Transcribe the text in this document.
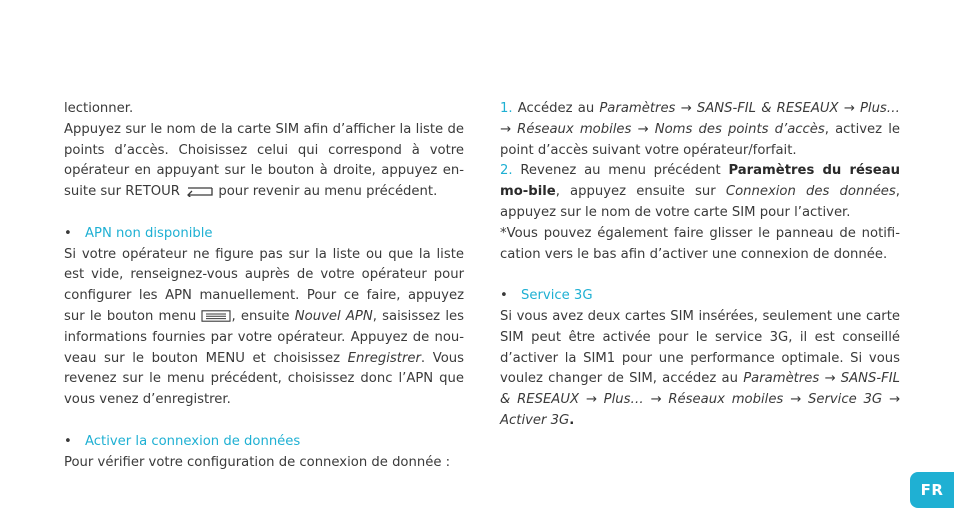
lectionner.

Appuyez sur le nom de la carte SIM afin d’afficher la liste de points d’accès. Choisissez celui qui correspond à votre opérateur en appuyant sur le bouton à droite, appuyez en-suite sur RETOUR	pour revenir au menu précédent.

• APN non disponible

Si votre opérateur ne figure pas sur la liste ou que la liste est vide, renseignez-vous auprès de votre opérateur pour configurer les APN manuellement. Pour ce faire, appuyez sur le bouton menu , ensuite Nouvel APN, saisissez les informations fournies par votre opérateur. Appuyez de nou-veau sur le bouton MENU et choisissez Enregistrer. Vous revenez sur le menu précédent, choisissez donc l’APN que vous venez d’enregistrer.

• Activer la connexion de données

Pour vérifier votre configuration de connexion de donnée :

1. Accédez au Paramètres → SANS-FIL & RESEAUX → Plus… → Réseaux mobiles → Noms des points d’accès, activez le point d’accès suivant votre opérateur/forfait.

2. Revenez au menu précédent Paramètres du réseau mo-bile, appuyez ensuite sur Connexion des données, appuyez sur le nom de votre carte SIM pour l’activer.

*Vous pouvez également faire glisser le panneau de notifi-cation vers le bas afin d’activer une connexion de donnée.

• Service 3G

Si vous avez deux cartes SIM insérées, seulement une carte SIM peut être activée pour le service 3G, il est conseillé d’activer la SIM1 pour une performance optimale. Si vous voulez changer de SIM, accédez au Paramètres → SANS-FIL & RESEAUX → Plus… → Réseaux mobiles → Service 3G → Activer 3G.

FR
